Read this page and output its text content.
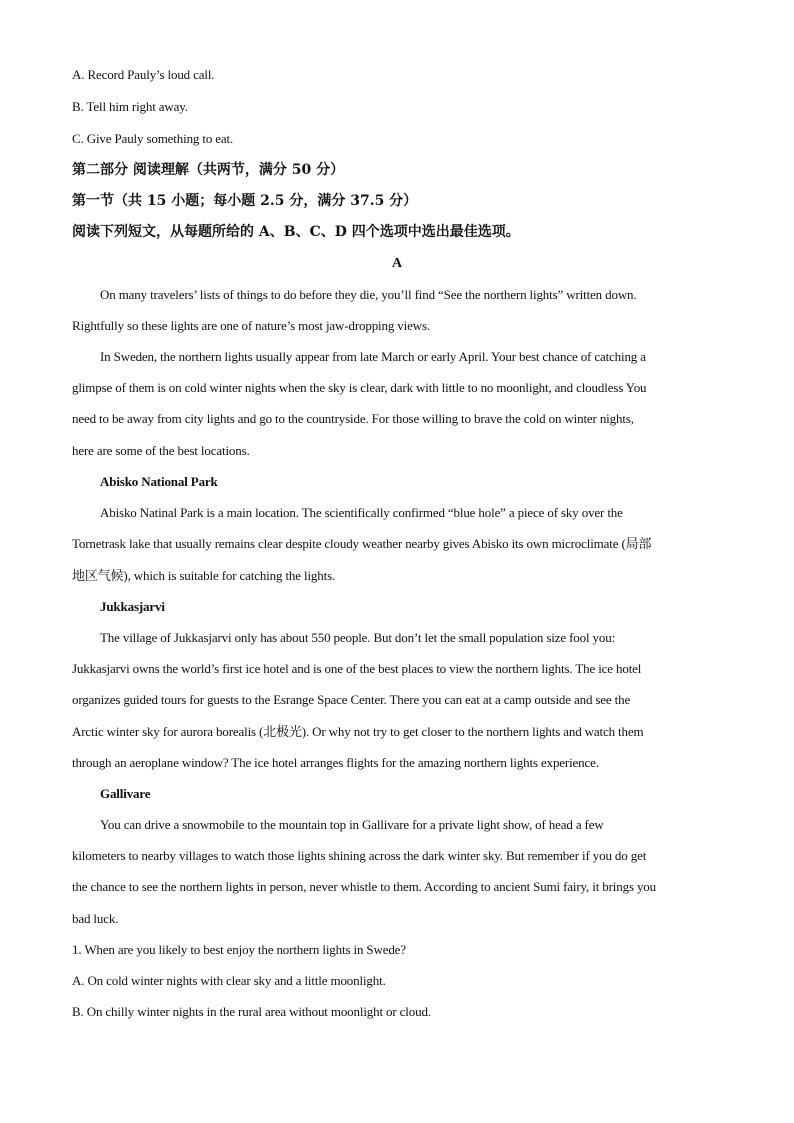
A. Record Pauly’s loud call.
B. Tell him right away.
C. Give Pauly something to eat.
第二部分 阅读理解（共两节，满分 50 分）
第一节（共 15 小题；每小题 2.5 分，满分 37.5 分）
阅读下列短文，从每题所给的 A、B、C、D 四个选项中选出最佳选项。
A
On many travelers’ lists of things to do before they die, you’ll find “See the northern lights” written down.
Rightfully so these lights are one of nature’s most jaw-dropping views.
In Sweden, the northern lights usually appear from late March or early April. Your best chance of catching a
glimpse of them is on cold winter nights when the sky is clear, dark with little to no moonlight, and cloudless You
need to be away from city lights and go to the countryside. For those willing to brave the cold on winter nights,
here are some of the best locations.
Abisko National Park
Abisko Natinal Park is a main location. The scientifically confirmed “blue hole” a piece of sky over the
Tornetrask lake that usually remains clear despite cloudy weather nearby gives Abisko its own microclimate (局部
地区气候), which is suitable for catching the lights.
Jukkasjarvi
The village of Jukkasjarvi only has about 550 people. But don’t let the small population size fool you:
Jukkasjarvi owns the world’s first ice hotel and is one of the best places to view the northern lights. The ice hotel
organizes guided tours for guests to the Esrange Space Center. There you can eat at a camp outside and see the
Arctic winter sky for aurora borealis (北极光). Or why not try to get closer to the northern lights and watch them
through an aeroplane window? The ice hotel arranges flights for the amazing northern lights experience.
Gallivare
You can drive a snowmobile to the mountain top in Gallivare for a private light show, of head a few
kilometers to nearby villages to watch those lights shining across the dark winter sky. But remember if you do get
the chance to see the northern lights in person, never whistle to them. According to ancient Sumi fairy, it brings you
bad luck.
1. When are you likely to best enjoy the northern lights in Swede?
A. On cold winter nights with clear sky and a little moonlight.
B. On chilly winter nights in the rural area without moonlight or cloud.
